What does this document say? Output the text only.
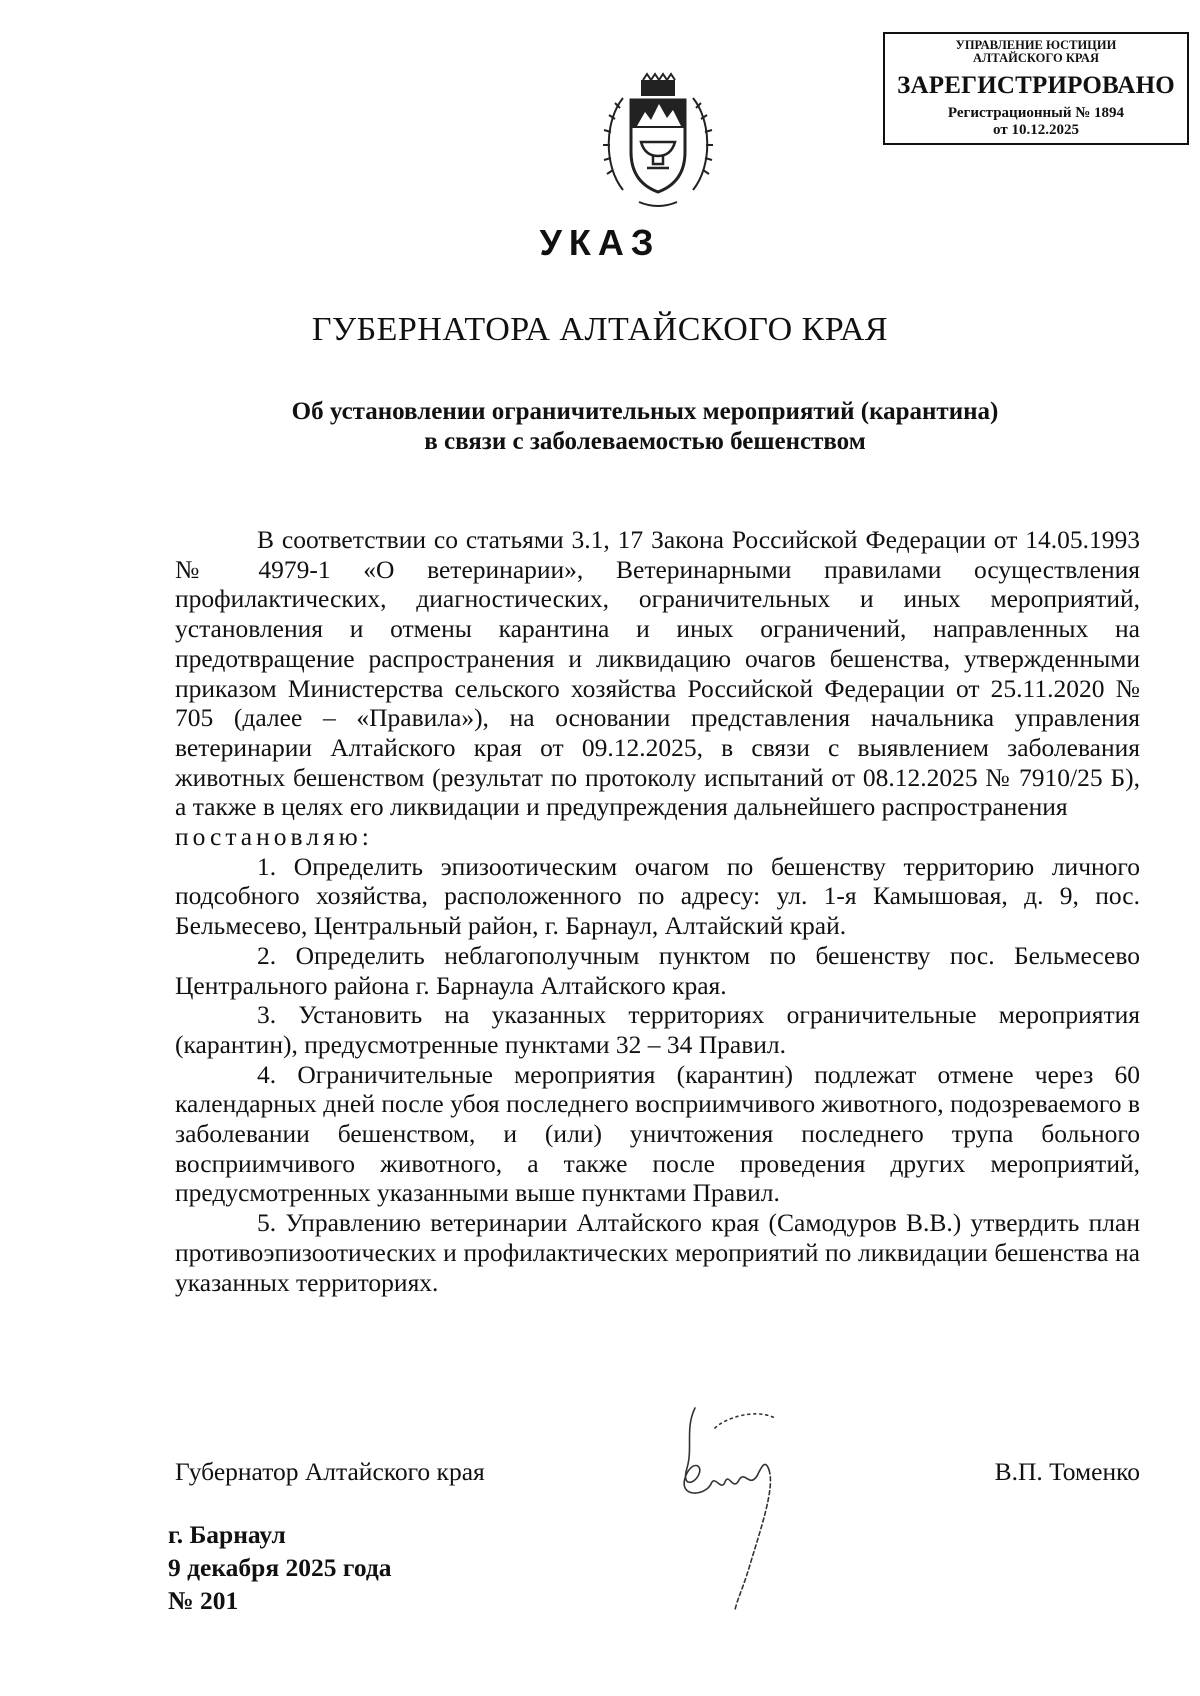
УПРАВЛЕНИЕ ЮСТИЦИИ
АЛТАЙСКОГО КРАЯ
ЗАРЕГИСТРИРОВАНО
Регистрационный № 1894
от 10.12.2025
УКАЗ
ГУБЕРНАТОРА АЛТАЙСКОГО КРАЯ
Об установлении ограничительных мероприятий (карантина)
в связи с заболеваемостью бешенством

В соответствии со статьями 3.1, 17 Закона Российской Федерации от 14.05.1993 № 4979-1 «О ветеринарии», Ветеринарными правилами осуществления профилактических, диагностических, ограничительных и иных мероприятий, установления и отмены карантина и иных ограничений, направленных на предотвращение распространения и ликвидацию очагов бешенства, утвержденными приказом Министерства сельского хозяйства Российской Федерации от 25.11.2020 № 705 (далее – «Правила»), на основании представления начальника управления ветеринарии Алтайского края от 09.12.2025, в связи с выявлением заболевания животных бешенством (результат по протоколу испытаний от 08.12.2025 № 7910/25 Б), а также в целях его ликвидации и предупреждения дальнейшего распространения

постановляю:

1. Определить эпизоотическим очагом по бешенству территорию личного подсобного хозяйства, расположенного по адресу: ул. 1-я Камышовая, д. 9, пос. Бельмесево, Центральный район, г. Барнаул, Алтайский край.

2. Определить неблагополучным пунктом по бешенству пос. Бельмесево Центрального района г. Барнаула Алтайского края.

3. Установить на указанных территориях ограничительные мероприятия (карантин), предусмотренные пунктами 32 – 34 Правил.

4. Ограничительные мероприятия (карантин) подлежат отмене через 60 календарных дней после убоя последнего восприимчивого животного, подозреваемого в заболевании бешенством, и (или) уничтожения последнего трупа больного восприимчивого животного, а также после проведения других мероприятий, предусмотренных указанными выше пунктами Правил.

5. Управлению ветеринарии Алтайского края (Самодуров В.В.) утвердить план противоэпизоотических и профилактических мероприятий по ликвидации бешенства на указанных территориях.

Губернатор Алтайского края	В.П. Томенко
г. Барнаул
9 декабря 2025 года
№ 201
